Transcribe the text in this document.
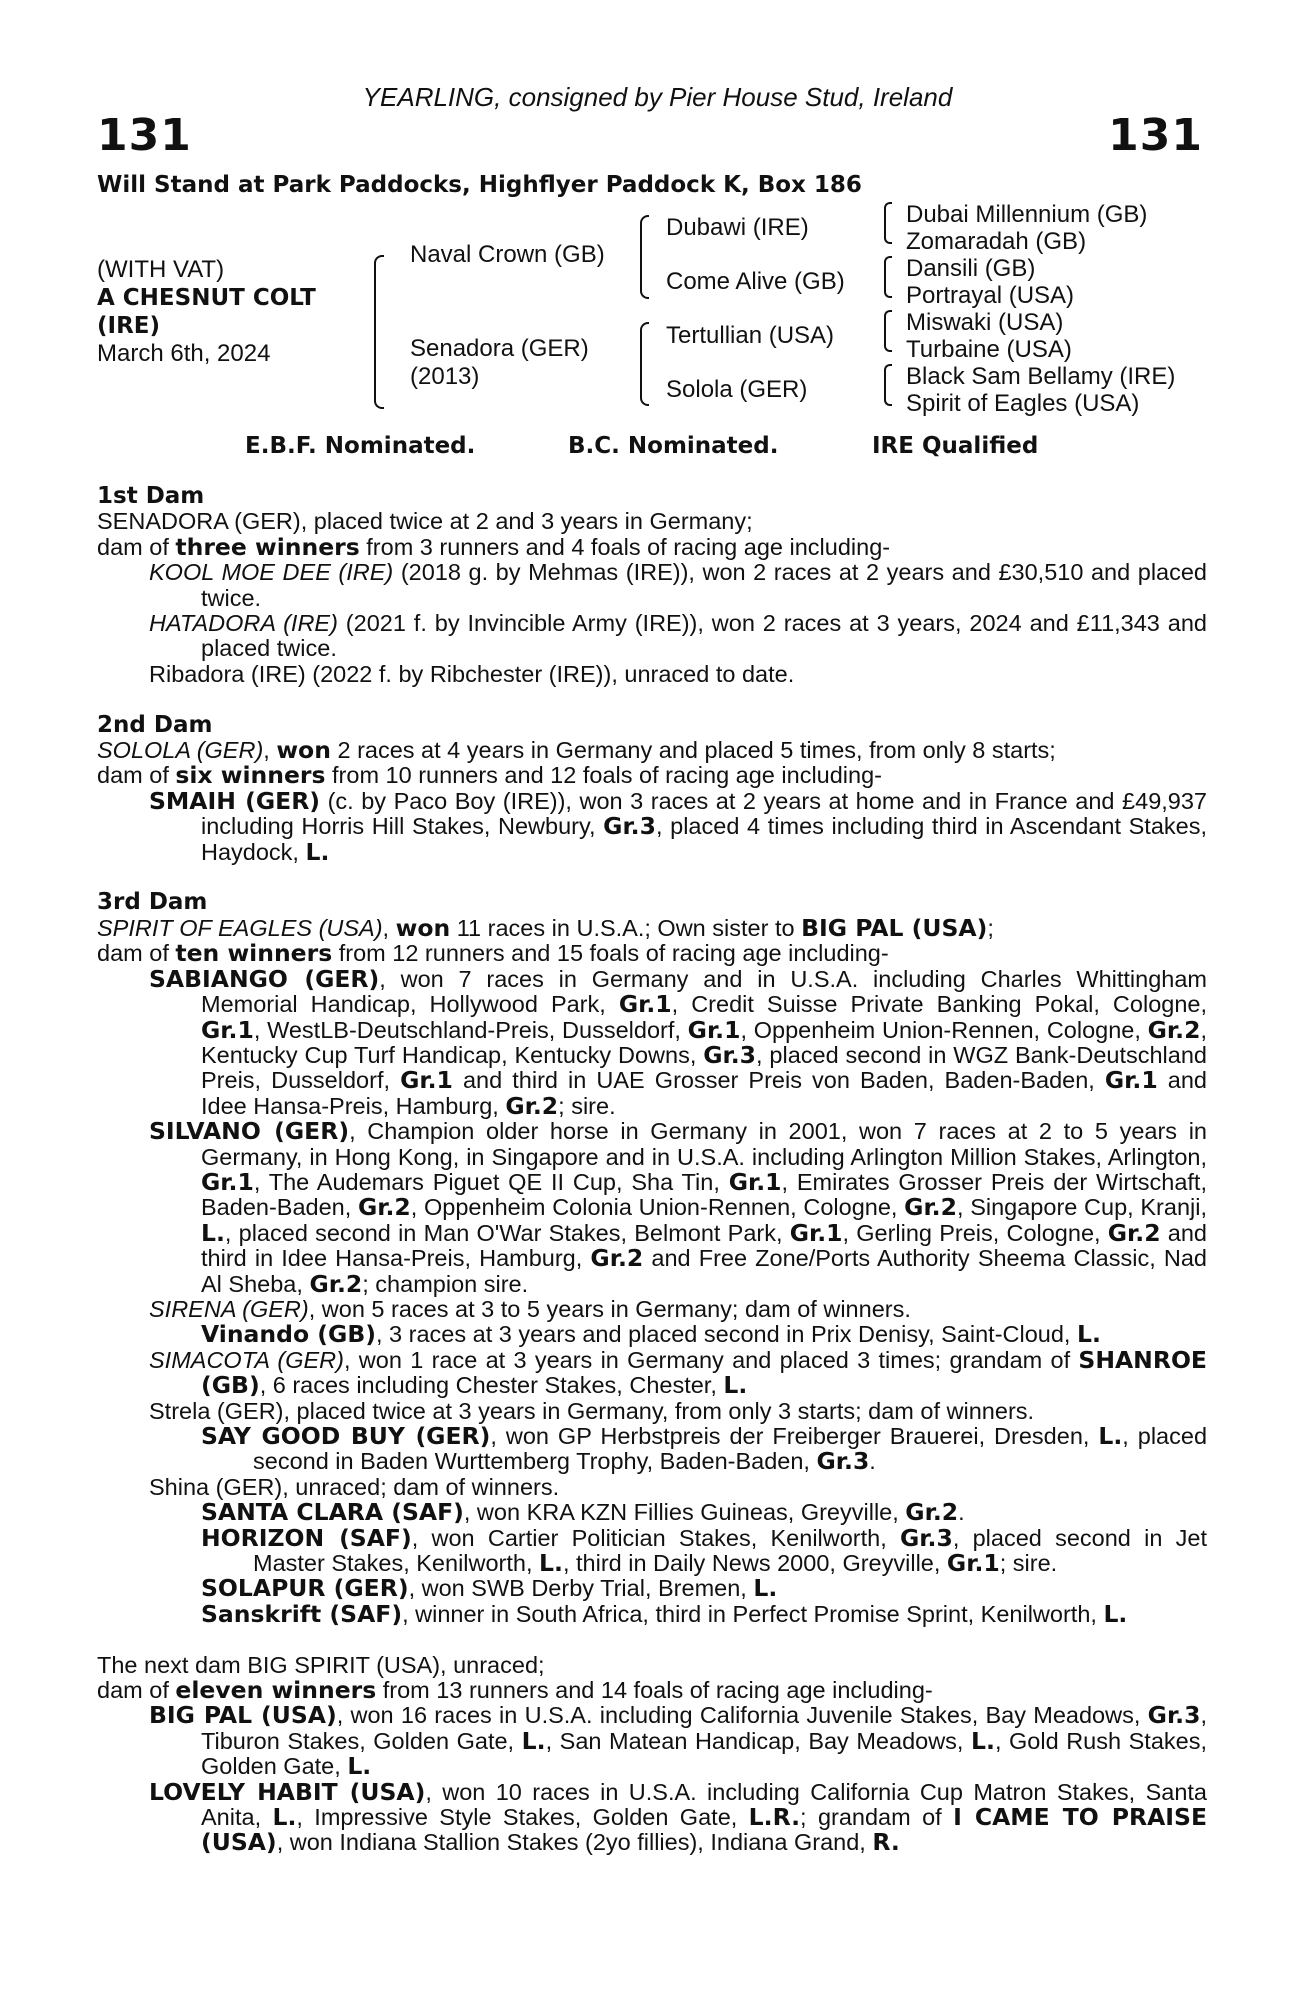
131	131
YEARLING, consigned by Pier House Stud, Ireland
Will Stand at Park Paddocks, Highflyer Paddock K, Box 186
(WITH VAT)
A CHESNUT COLT
(IRE)
March 6th, 2024
Naval Crown (GB)
Senadora (GER)
(2013)
Dubawi (IRE)
Come Alive (GB)
Tertullian (USA)
Solola (GER)
Dubai Millennium (GB)
Zomaradah (GB)
Dansili (GB)
Portrayal (USA)
Miswaki (USA)
Turbaine (USA)
Black Sam Bellamy (IRE)
Spirit of Eagles (USA)
E.B.F. Nominated.	B.C. Nominated.	IRE Qualified

1st Dam

SENADORA (GER), placed twice at 2 and 3 years in Germany;

dam of three winners from 3 runners and 4 foals of racing age including-

KOOL MOE DEE (IRE) (2018 g. by Mehmas (IRE)), won 2 races at 2 years and £30,510 and placed twice.

HATADORA (IRE) (2021 f. by Invincible Army (IRE)), won 2 races at 3 years, 2024 and £11,343 and placed twice.

Ribadora (IRE) (2022 f. by Ribchester (IRE)), unraced to date.

2nd Dam

SOLOLA (GER), won 2 races at 4 years in Germany and placed 5 times, from only 8 starts;

dam of six winners from 10 runners and 12 foals of racing age including-

SMAIH (GER) (c. by Paco Boy (IRE)), won 3 races at 2 years at home and in France and £49,937 including Horris Hill Stakes, Newbury, Gr.3, placed 4 times including third in Ascendant Stakes, Haydock, L.

3rd Dam

SPIRIT OF EAGLES (USA), won 11 races in U.S.A.; Own sister to BIG PAL (USA);

dam of ten winners from 12 runners and 15 foals of racing age including-

SABIANGO (GER), won 7 races in Germany and in U.S.A. including Charles Whittingham Memorial Handicap, Hollywood Park, Gr.1, Credit Suisse Private Banking Pokal, Cologne, Gr.1, WestLB-Deutschland-Preis, Dusseldorf, Gr.1, Oppenheim Union-Rennen, Cologne, Gr.2, Kentucky Cup Turf Handicap, Kentucky Downs, Gr.3, placed second in WGZ Bank-Deutschland Preis, Dusseldorf, Gr.1 and third in UAE Grosser Preis von Baden, Baden-Baden, Gr.1 and Idee Hansa-Preis, Hamburg, Gr.2; sire.

SILVANO (GER), Champion older horse in Germany in 2001, won 7 races at 2 to 5 years in Germany, in Hong Kong, in Singapore and in U.S.A. including Arlington Million Stakes, Arlington, Gr.1, The Audemars Piguet QE II Cup, Sha Tin, Gr.1, Emirates Grosser Preis der Wirtschaft, Baden-Baden, Gr.2, Oppenheim Colonia Union-Rennen, Cologne, Gr.2, Singapore Cup, Kranji, L., placed second in Man O'War Stakes, Belmont Park, Gr.1, Gerling Preis, Cologne, Gr.2 and third in Idee Hansa-Preis, Hamburg, Gr.2 and Free Zone/Ports Authority Sheema Classic, Nad Al Sheba, Gr.2; champion sire.

SIRENA (GER), won 5 races at 3 to 5 years in Germany; dam of winners.

Vinando (GB), 3 races at 3 years and placed second in Prix Denisy, Saint-Cloud, L.

SIMACOTA (GER), won 1 race at 3 years in Germany and placed 3 times; grandam of SHANROE (GB), 6 races including Chester Stakes, Chester, L.

Strela (GER), placed twice at 3 years in Germany, from only 3 starts; dam of winners.

SAY GOOD BUY (GER), won GP Herbstpreis der Freiberger Brauerei, Dresden, L., placed second in Baden Wurttemberg Trophy, Baden-Baden, Gr.3.

Shina (GER), unraced; dam of winners.

SANTA CLARA (SAF), won KRA KZN Fillies Guineas, Greyville, Gr.2.

HORIZON (SAF), won Cartier Politician Stakes, Kenilworth, Gr.3, placed second in Jet Master Stakes, Kenilworth, L., third in Daily News 2000, Greyville, Gr.1; sire.

SOLAPUR (GER), won SWB Derby Trial, Bremen, L.

Sanskrift (SAF), winner in South Africa, third in Perfect Promise Sprint, Kenilworth, L.

The next dam BIG SPIRIT (USA), unraced;

dam of eleven winners from 13 runners and 14 foals of racing age including-

BIG PAL (USA), won 16 races in U.S.A. including California Juvenile Stakes, Bay Meadows, Gr.3, Tiburon Stakes, Golden Gate, L., San Matean Handicap, Bay Meadows, L., Gold Rush Stakes, Golden Gate, L.

LOVELY HABIT (USA), won 10 races in U.S.A. including California Cup Matron Stakes, Santa Anita, L., Impressive Style Stakes, Golden Gate, L.R.; grandam of I CAME TO PRAISE (USA), won Indiana Stallion Stakes (2yo fillies), Indiana Grand, R.
